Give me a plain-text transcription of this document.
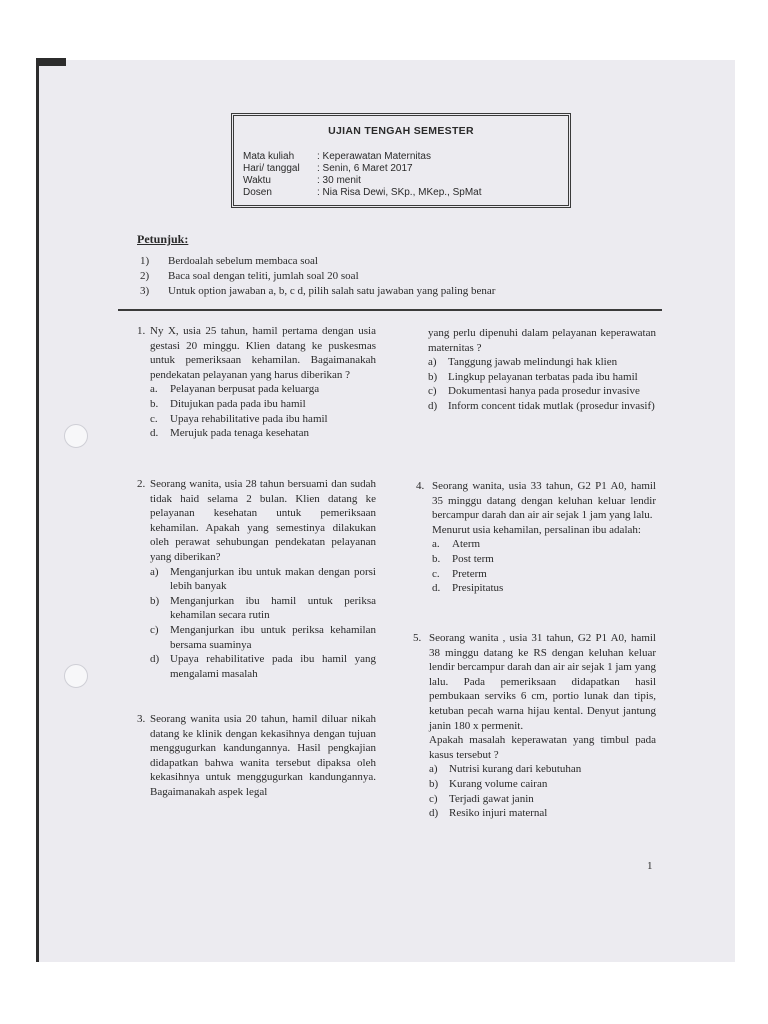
UJIAN TENGAH SEMESTER
Mata kuliah : Keperawatan Maternitas
Hari/ tanggal : Senin, 6 Maret 2017
Waktu	: 30 menit
Dosen	: Nia Risa Dewi, SKp., MKep., SpMat
Petunjuk:
1) Berdoalah sebelum membaca soal
2) Baca soal dengan teliti, jumlah soal 20 soal
3) Untuk option jawaban a, b, c d, pilih salah satu jawaban yang paling benar
1. Ny X, usia 25 tahun, hamil pertama dengan usia gestasi 20 minggu. Klien datang ke puskesmas untuk pemeriksaan kehamilan. Bagaimanakah pendekatan pelayanan yang harus diberikan ?
a. Pelayanan berpusat pada keluarga
b. Ditujukan pada pada ibu hamil
c. Upaya rehabilitative pada ibu hamil
d. Merujuk pada tenaga kesehatan
2. Seorang wanita, usia 28 tahun bersuami dan sudah tidak haid selama 2 bulan. Klien datang ke pelayanan kesehatan untuk pemeriksaan kehamilan. Apakah yang semestinya dilakukan oleh perawat sehubungan pendekatan pelayanan yang diberikan?
a) Menganjurkan ibu untuk makan dengan porsi lebih banyak
b) Menganjurkan ibu hamil untuk periksa kehamilan secara rutin
c) Menganjurkan ibu untuk periksa kehamilan bersama suaminya
d) Upaya rehabilitative pada ibu hamil yang mengalami masalah
3. Seorang wanita usia 20 tahun, hamil diluar nikah datang ke klinik dengan kekasihnya dengan tujuan menggugurkan kandungannya. Hasil pengkajian didapatkan bahwa wanita tersebut dipaksa oleh kekasihnya untuk menggugurkan kandungannya. Bagaimanakah aspek legal
yang perlu dipenuhi dalam pelayanan keperawatan maternitas ?
a) Tanggung jawab melindungi hak klien
b) Lingkup pelayanan terbatas pada ibu hamil
c) Dokumentasi hanya pada prosedur invasive
d) Inform concent tidak mutlak (prosedur invasif)
4. Seorang wanita, usia 33 tahun, G2 P1 A0, hamil 35 minggu datang dengan keluhan keluar lendir bercampur darah dan air air sejak 1 jam yang lalu.
Menurut usia kehamilan, persalinan ibu adalah:
a. Aterm
b. Post term
c. Preterm
d. Presipitatus
5. Seorang wanita , usia 31 tahun, G2 P1 A0, hamil 38 minggu datang ke RS dengan keluhan keluar lendir bercampur darah dan air air sejak 1 jam yang lalu. Pada pemeriksaan didapatkan hasil pembukaan serviks 6 cm, portio lunak dan tipis, ketuban pecah warna hijau kental. Denyut jantung janin 180 x permenit.
Apakah masalah keperawatan yang timbul pada kasus tersebut ?
a) Nutrisi kurang dari kebutuhan
b) Kurang volume cairan
c) Terjadi gawat janin
d) Resiko injuri maternal
1
